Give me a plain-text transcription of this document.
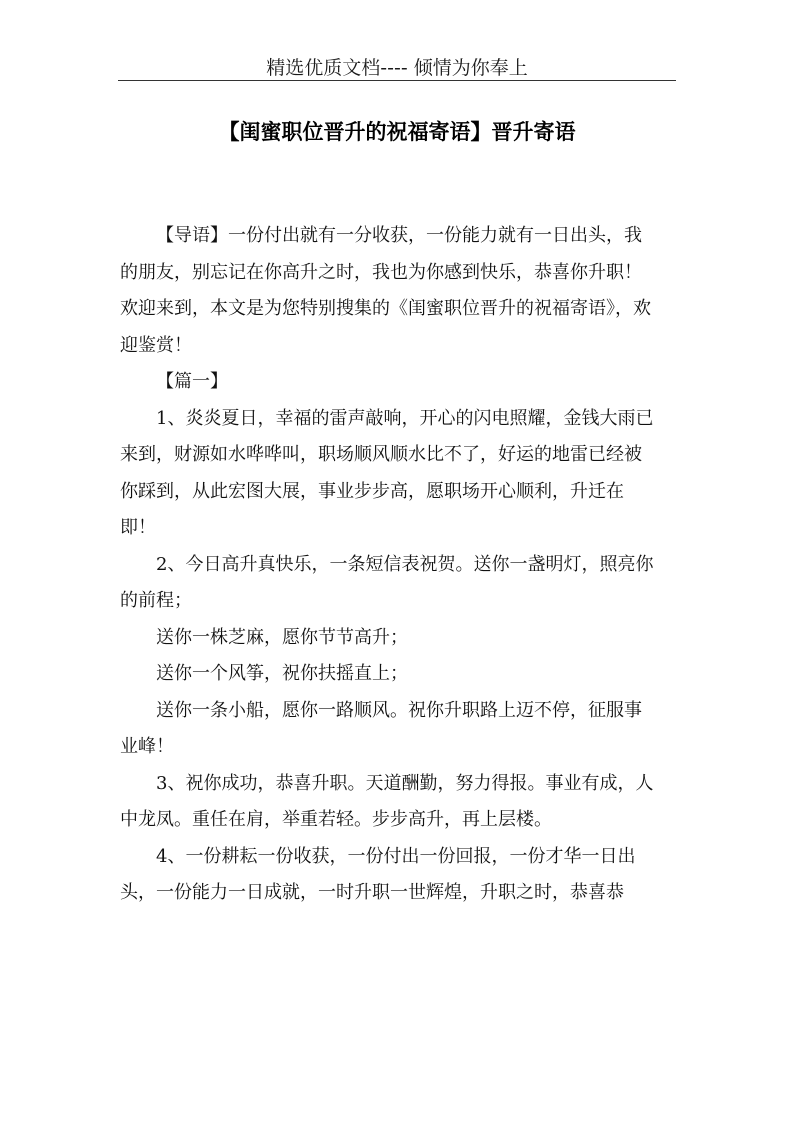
精选优质文档---- 倾情为你奉上
【闺蜜职位晋升的祝福寄语】晋升寄语

【导语】一份付出就有一分收获，一份能力就有一日出头，我
的朋友，别忘记在你高升之时，我也为你感到快乐，恭喜你升职！
欢迎来到，本文是为您特别搜集的《闺蜜职位晋升的祝福寄语》，欢
迎鉴赏！

【篇一】

1、炎炎夏日，幸福的雷声敲响，开心的闪电照耀，金钱大雨已
来到，财源如水哗哗叫，职场顺风顺水比不了，好运的地雷已经被
你踩到，从此宏图大展，事业步步高，愿职场开心顺利，升迁在
即！

2、今日高升真快乐，一条短信表祝贺。送你一盏明灯，照亮你
的前程；

送你一株芝麻，愿你节节高升；

送你一个风筝，祝你扶摇直上；

送你一条小船，愿你一路顺风。祝你升职路上迈不停，征服事
业峰！

3、祝你成功，恭喜升职。天道酬勤，努力得报。事业有成，人
中龙凤。重任在肩，举重若轻。步步高升，再上层楼。

4、一份耕耘一份收获，一份付出一份回报，一份才华一日出
头，一份能力一日成就，一时升职一世辉煌，升职之时，恭喜恭
